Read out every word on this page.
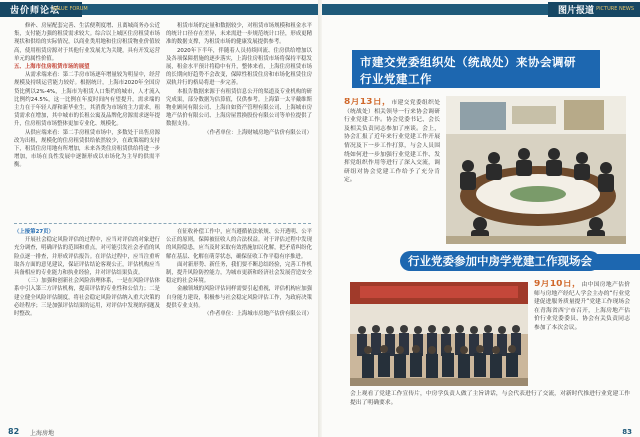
齿价师论坛
VALUE FORUM

修补、房屋配套完善、生活便利度增、且离城商务办公近集，支付能力强的租赁需求较大。综合以上城区住房租赁市场现状和供给的实际情况，以商业类用地和住房租赁物业价值较高，使用租赁房源对于其他行业发展尤为关键，具有开发运营单元的属性价值。

五、上海市住房租赁市场的展望

从需求端来看：第二手房市场逐年增量较为明显中，经营规模及持续运营能力较好。根据统计，上海市2020年全国房贷比例以2%-4%，上海市为租赁人口集约的城市，人才流入比例约24.5%，这一比例在年度时间内有望提升，需求端的主力在于年轻人群和新毕业生，其消费为市场的主力需求，租赁需求在增加，其中城市的长租公寓及品牌化房源需求逐年提升，住房租赁市场整体更加专业化、规模化。

从供应端来看：第二手房租赁市场中，多数处于出售房源改为出租，规模化的住房租赁供给依然较少，在政策端的支持下，租赁住房用地有所增加，未来各类住房租赁供给将进一步增加，市场在良性发展中逐渐形成以市场化为主导的供需平衡。

租赁市场的定量和数据较少，对租赁市场规模和租金水平的统计口径存在差异，未来需进一步规范统计口径，形成更精准的数据支撑，为租赁市场的健康发展提供参考。

2020年下半年，伴随着人员持续回流、住房供给增加以及各项保障措施的逐步落实，上海住房租赁市场将保持平稳发展，租金水平预计将稳中有升，整体来看，上海住房租赁市场的长期向好趋势不会改变，保障性租赁住房和市场化租赁住房双轨并行的格局将进一步完善。

本报告数据来源于有租赁信息公开的渠道及专业机构的研究成果，部分数据为估算值，仅供参考。上海第一太平戴维斯物业顾问有限公司、上海自如资产管理有限公司、上海城市房地产估价有限公司、上海房屋置换股份有限公司等单位提供了数据支持。

（作者单位：上海财城房地产估价有限公司）

（上接第27页）

开展社会稳定风险评估的过程中，应当对评估的对象进行充分调查，明确评估的范围和重点，对可能引发社会矛盾的风险点逐一排查，并形成评估报告。在评估过程中，应当注重听取各方面的意见建议，保证评估结论客观公正，评估机构应当具备相应的专业能力和执业经验，并对评估结果负责。

（三）加强和创新社会风险治理体系，一是在风险评估体系中引入第三方评估机构，提高评估的专业性和公信力；二是建立健全风险评估制度，将社会稳定风险评估纳入重大决策的必经程序；三是加强评估结果的运用，对评估中发现的问题及时整改。

在征收补偿工作中，应当遵循依法依规、公开透明、公平公正的原则，保障被征收人的合法权益。对于评估过程中发现的风险隐患，应当及时采取有效措施加以化解，把矛盾纠纷化解在基层、化解在萌芽状态，确保征收工作平稳有序推进。

面对新形势、新任务，我们要不断总结经验，完善工作机制，提升风险防控能力，为城市更新和经济社会发展营造安全稳定的社会环境。

金融领域的风险评估同样需要引起重视，评估机构应加强自身能力建设，积极参与社会稳定风险评估工作，为政府决策提供专业支持。

（作者单位：上海城市房地产估价有限公司）

82 上海房地
图片报道 PICTURE NEWS
市建交党委组织处（统战处）来协会调研
行业党建工作
8月13日，市建交党委组织处（统战处）相关领导一行来协会调研行业党建工作。协会党委书记、会长及相关负责同志参加了座谈。会上，协会汇报了近年来行业党建工作开展情况及下一步工作打算，与会人员围绕如何进一步加强行业党建工作、发挥党组织作用等进行了深入交流，调研组对协会党建工作给予了充分肯定。
行业党委参加中房学党建工作现场会
9月10日，由中国房地产估价师与房地产经纪人学会主办的“行业党建促进服务质量提升”党建工作现场会在青海省西宁市召开，上海房地产估价行业党委委员、协会有关负责同志参加了本次会议。
会上观看了党建工作宣传片，中房学负责人做了主旨讲话，与会代表进行了交流，对新时代推进行业党建工作提出了明确要求。
83
